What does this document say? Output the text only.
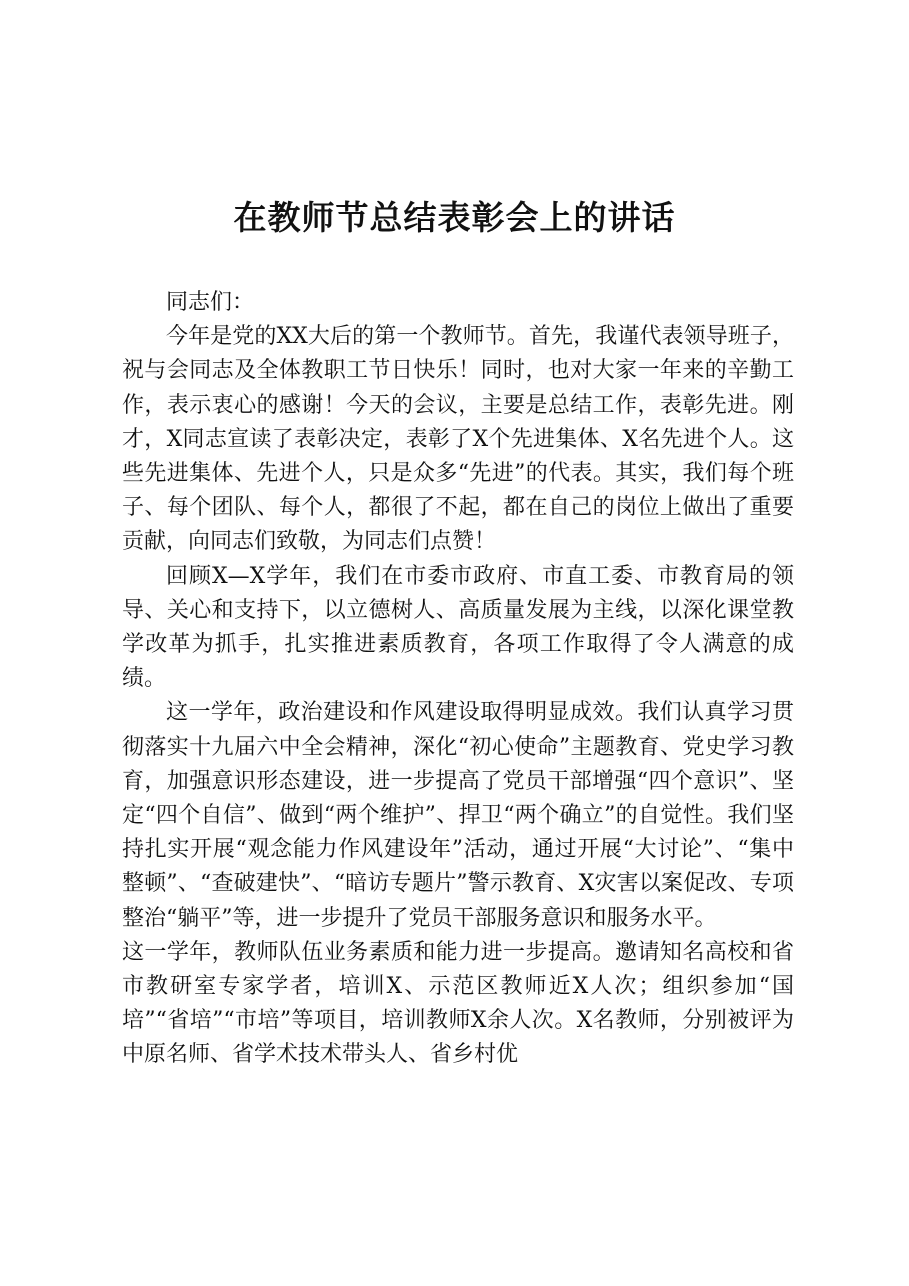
在教师节总结表彰会上的讲话

同志们：

今年是党的XX大后的第一个教师节。首先，我谨代表领导班子，祝与会同志及全体教职工节日快乐！同时，也对大家一年来的辛勤工作，表示衷心的感谢！今天的会议，主要是总结工作，表彰先进。刚才，X同志宣读了表彰决定，表彰了X个先进集体、X名先进个人。这些先进集体、先进个人，只是众多“先进”的代表。其实，我们每个班子、每个团队、每个人，都很了不起，都在自己的岗位上做出了重要贡献，向同志们致敬，为同志们点赞！

回顾X—X学年，我们在市委市政府、市直工委、市教育局的领导、关心和支持下，以立德树人、高质量发展为主线，以深化课堂教学改革为抓手，扎实推进素质教育，各项工作取得了令人满意的成绩。

这一学年，政治建设和作风建设取得明显成效。我们认真学习贯彻落实十九届六中全会精神，深化“初心使命”主题教育、党史学习教育，加强意识形态建设，进一步提高了党员干部增强“四个意识”、坚定“四个自信”、做到“两个维护”、捍卫“两个确立”的自觉性。我们坚持扎实开展“观念能力作风建设年”活动，通过开展“大讨论”、“集中整顿”、“查破建快”、“暗访专题片”警示教育、X灾害以案促改、专项整治“躺平”等，进一步提升了党员干部服务意识和服务水平。

这一学年，教师队伍业务素质和能力进一步提高。邀请知名高校和省市教研室专家学者，培训X、示范区教师近X人次；组织参加“国培”“省培”“市培”等项目，培训教师X余人次。X名教师，分别被评为中原名师、省学术技术带头人、省乡村优
